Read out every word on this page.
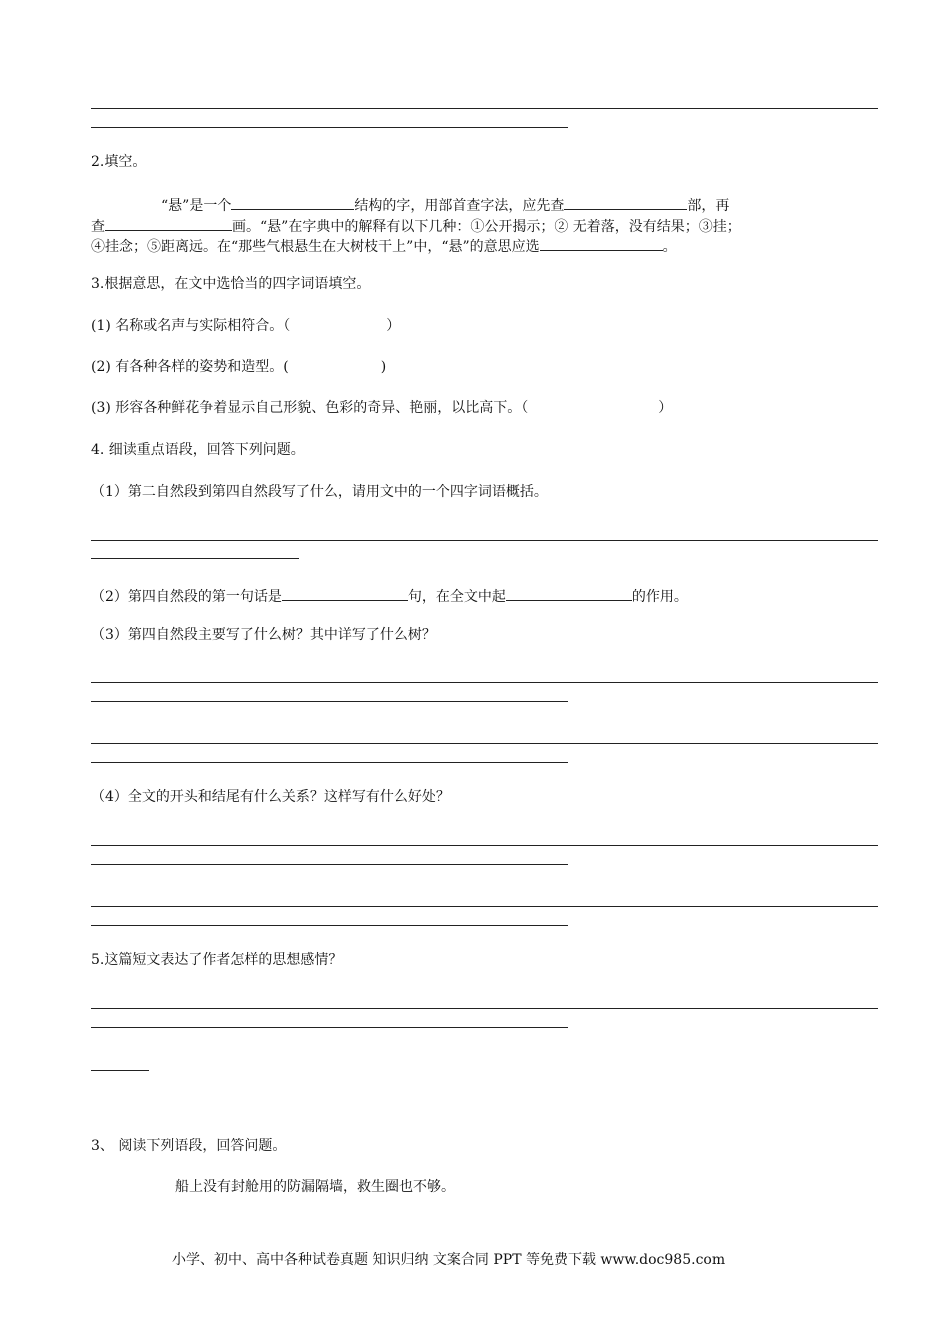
2.填空。
“悬”是一个	结构的字，用部首查字法，应先查	部，再
查	画。“悬”在字典中的解释有以下几种：①公开揭示；② 无着落，没有结果；③挂；
④挂念；⑤距离远。在“那些气根悬生在大树枝干上”中，“悬”的意思应选	。
3.根据意思，在文中选恰当的四字词语填空。
(1) 名称或名声与实际相符合。（	）
(2) 有各种各样的姿势和造型。(	)
(3) 形容各种鲜花争着显示自己形貌、色彩的奇异、艳丽，以比高下。（	）
4. 细读重点语段，回答下列问题。
（1）第二自然段到第四自然段写了什么，请用文中的一个四字词语概括。
（2）第四自然段的第一句话是	句，在全文中起	的作用。
（3）第四自然段主要写了什么树？其中详写了什么树？
（4）全文的开头和结尾有什么关系？这样写有什么好处？
5.这篇短文表达了作者怎样的思想感情？
3、 阅读下列语段，回答问题。
船上没有封舱用的防漏隔墙，救生圈也不够。
小学、初中、高中各种试卷真题 知识归纳 文案合同 PPT 等免费下载 www.doc985.com
